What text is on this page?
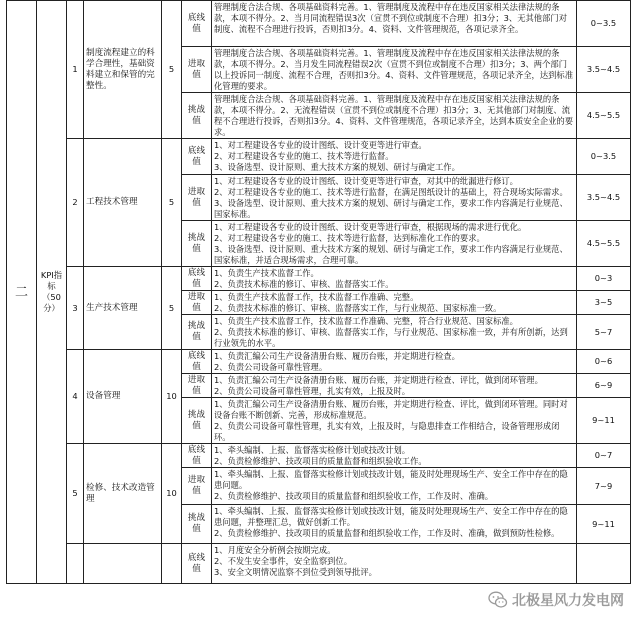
二	KPI指标（50分）	1	制度流程建立的科学合理性，基础资料建立和保管的完整性。	5	底线值	管理制度合法合规、各项基础资料完善。1、管理制度及流程中存在违反国家相关法律法规的条款，本项不得分。2、当月同流程错误3次（宣贯不到位或制度不合理）扣3分；3、无其他部门对制度、流程不合理进行投诉，否则扣3分。4、资料、文件管理规范，各项记录齐全。	0~3.5
					进取值	管理制度合法合规、各项基础资料完善。1、管理制度及流程中存在违反国家相关法律法规的条款，本项不得分。2、当月发生同流程错误2次（宣贯不到位或制度不合理）扣3分；3、两个部门以上投诉同一制度、流程不合理，否则扣3分。4、资料、文件管理规范，各项记录齐全，达到标准化管理的要求。	3.5~4.5
					挑战值	管理制度合法合规、各项基础资料完善。1、管理制度及流程中存在违反国家相关法律法规的条款，本项不得分。2、无流程错误（宣贯不到位或制度不合理）扣3分；3、无其他部门对制度、流程不合理进行投诉，否则扣3分。4、资料、文件管理规范，各项记录齐全，达到本质安全企业的要求。	4.5~5.5
		2	工程技术管理	5	底线值	1、对工程建设各专业的设计图纸、设计变更等进行审查。

2、对工程建设各专业的施工、技术等进行监督。

3、设备选型、设计原则、重大技术方案的规划、研讨与确定工作。	0~3.5
					进取值	1、对工程建设各专业的设计图纸、设计变更等进行审查，对其中的纰漏进行修订。

2、对工程建设各专业的施工、技术等进行监督，在满足图纸设计的基础上，符合现场实际需求。

3、设备选型、设计原则、重大技术方案的规划、研讨与确定工作，要求工作内容满足行业规范、国家标准。	3.5~4.5
					挑战值	1、对工程建设各专业的设计图纸、设计变更等进行审查，根据现场的需求进行优化。

2、对工程建设各专业的施工、技术等进行监督，达到标准化工作的要求。

3、设备选型、设计原则、重大技术方案的规划、研讨与确定工作，要求工作内容满足行业规范、国家标准，并适合现场需求，合理可靠。	4.5~5.5
		3	生产技术管理	5	底线值	1、负责生产技术监督工作。

2、负责技术标准的修订、审核、监督落实工作。	0~3
					进取值	1、负责生产技术监督工作，技术监督工作准确、完整。

2、负责技术标准的修订、审核、监督落实工作，与行业规范、国家标准一致。	3~5
					挑战值	1、负责生产技术监督工作，技术监督工作准确、完整，符合行业规范、国家标准。

2、负责技术标准的修订、审核、监督落实工作，与行业规范、国家标准一致，并有所创新，达到行业领先的水平。	5~7
		4	设备管理	10	底线值	1、负责汇编公司生产设备清册台账、履历台账，并定期进行检查。

2、负责公司设备可靠性管理。	0~6
					进取值	1、负责汇编公司生产设备清册台账、履历台账，并定期进行检查、评比，做到闭环管理。

2、负责公司设备可靠性管理，扎实有效，上报及时。	6~9
					挑战值	1、负责汇编公司生产设备清册台账、履历台账，并定期进行检查、评比，做到闭环管理。同时对设备台账不断创新、完善，形成标准规范。

2、负责公司设备可靠性管理，扎实有效，上报及时，与隐患排查工作相结合，设备管理形成闭环。	9~11
		5	检修、技术改造管理	10	底线值	1、牵头编制、上报、监督落实检修计划或技改计划。

2、负责检修维护、技改项目的质量监督和组织验收工作。	0~7
					进取值	1、牵头编制、上报、监督落实检修计划或技改计划，能及时处理现场生产、安全工作中存在的隐患问题。

2、负责检修维护、技改项目的质量监督和组织验收工作，工作及时、准确。	7~9
					挑战值	1、牵头编制、上报、监督落实检修计划或技改计划，能及时处理现场生产、安全工作中存在的隐患问题，并整理汇总，做好创新工作。

2、负责检修维护、技改项目的质量监督和组织验收工作，工作及时、准确，做到预防性检修。	9~11
					底线值	1、月度安全分析例会按期完成。

2、不发生安全事件，安全监察到位。

3、安全文明情况监察不到位受到领导批评。	

北极星风力发电网
